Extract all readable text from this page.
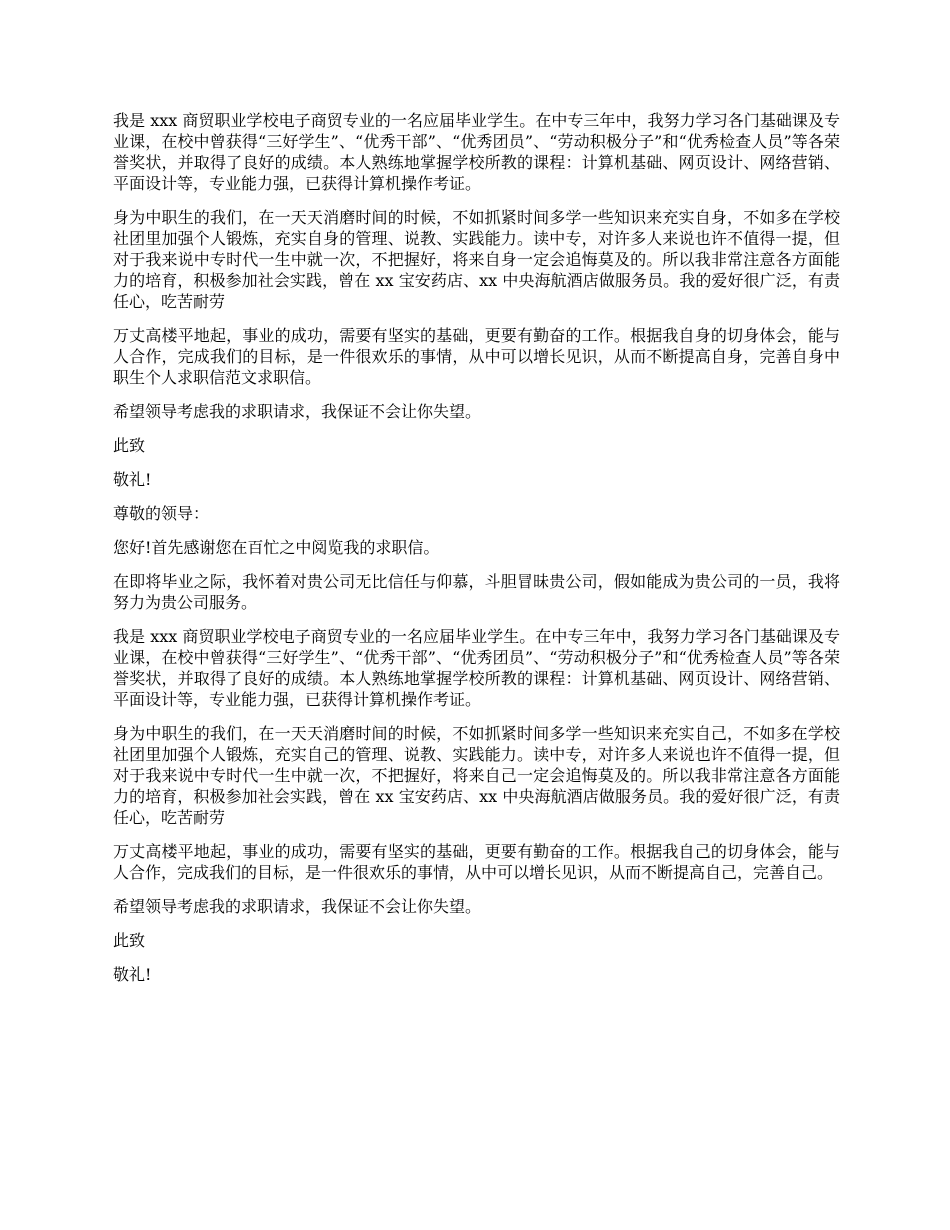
我是 xxx 商贸职业学校电子商贸专业的一名应届毕业学生。在中专三年中，我努力学习各门基础课及专业课，在校中曾获得“三好学生”、“优秀干部”、“优秀团员”、“劳动积极分子”和“优秀检查人员”等各荣誉奖状，并取得了良好的成绩。本人熟练地掌握学校所教的课程：计算机基础、网页设计、网络营销、平面设计等，专业能力强，已获得计算机操作考证。

身为中职生的我们，在一天天消磨时间的时候，不如抓紧时间多学一些知识来充实自身，不如多在学校社团里加强个人锻炼，充实自身的管理、说教、实践能力。读中专，对许多人来说也许不值得一提，但对于我来说中专时代一生中就一次，不把握好，将来自身一定会追悔莫及的。所以我非常注意各方面能力的培育，积极参加社会实践，曾在 xx 宝安药店、xx 中央海航酒店做服务员。我的爱好很广泛，有责任心，吃苦耐劳

万丈高楼平地起，事业的成功，需要有坚实的基础，更要有勤奋的工作。根据我自身的切身体会，能与人合作，完成我们的目标，是一件很欢乐的事情，从中可以增长见识，从而不断提高自身，完善自身中职生个人求职信范文求职信。

希望领导考虑我的求职请求，我保证不会让你失望。

此致

敬礼!

尊敬的领导：

您好!首先感谢您在百忙之中阅览我的求职信。

在即将毕业之际，我怀着对贵公司无比信任与仰慕，斗胆冒昧贵公司，假如能成为贵公司的一员，我将努力为贵公司服务。

我是 xxx 商贸职业学校电子商贸专业的一名应届毕业学生。在中专三年中，我努力学习各门基础课及专业课，在校中曾获得“三好学生”、“优秀干部”、“优秀团员”、“劳动积极分子”和“优秀检查人员”等各荣誉奖状，并取得了良好的成绩。本人熟练地掌握学校所教的课程：计算机基础、网页设计、网络营销、平面设计等，专业能力强，已获得计算机操作考证。

身为中职生的我们，在一天天消磨时间的时候，不如抓紧时间多学一些知识来充实自己，不如多在学校社团里加强个人锻炼，充实自己的管理、说教、实践能力。读中专，对许多人来说也许不值得一提，但对于我来说中专时代一生中就一次，不把握好，将来自己一定会追悔莫及的。所以我非常注意各方面能力的培育，积极参加社会实践，曾在 xx 宝安药店、xx 中央海航酒店做服务员。我的爱好很广泛，有责任心，吃苦耐劳

万丈高楼平地起，事业的成功，需要有坚实的基础，更要有勤奋的工作。根据我自己的切身体会，能与人合作，完成我们的目标，是一件很欢乐的事情，从中可以增长见识，从而不断提高自己，完善自己。

希望领导考虑我的求职请求，我保证不会让你失望。

此致

敬礼!
